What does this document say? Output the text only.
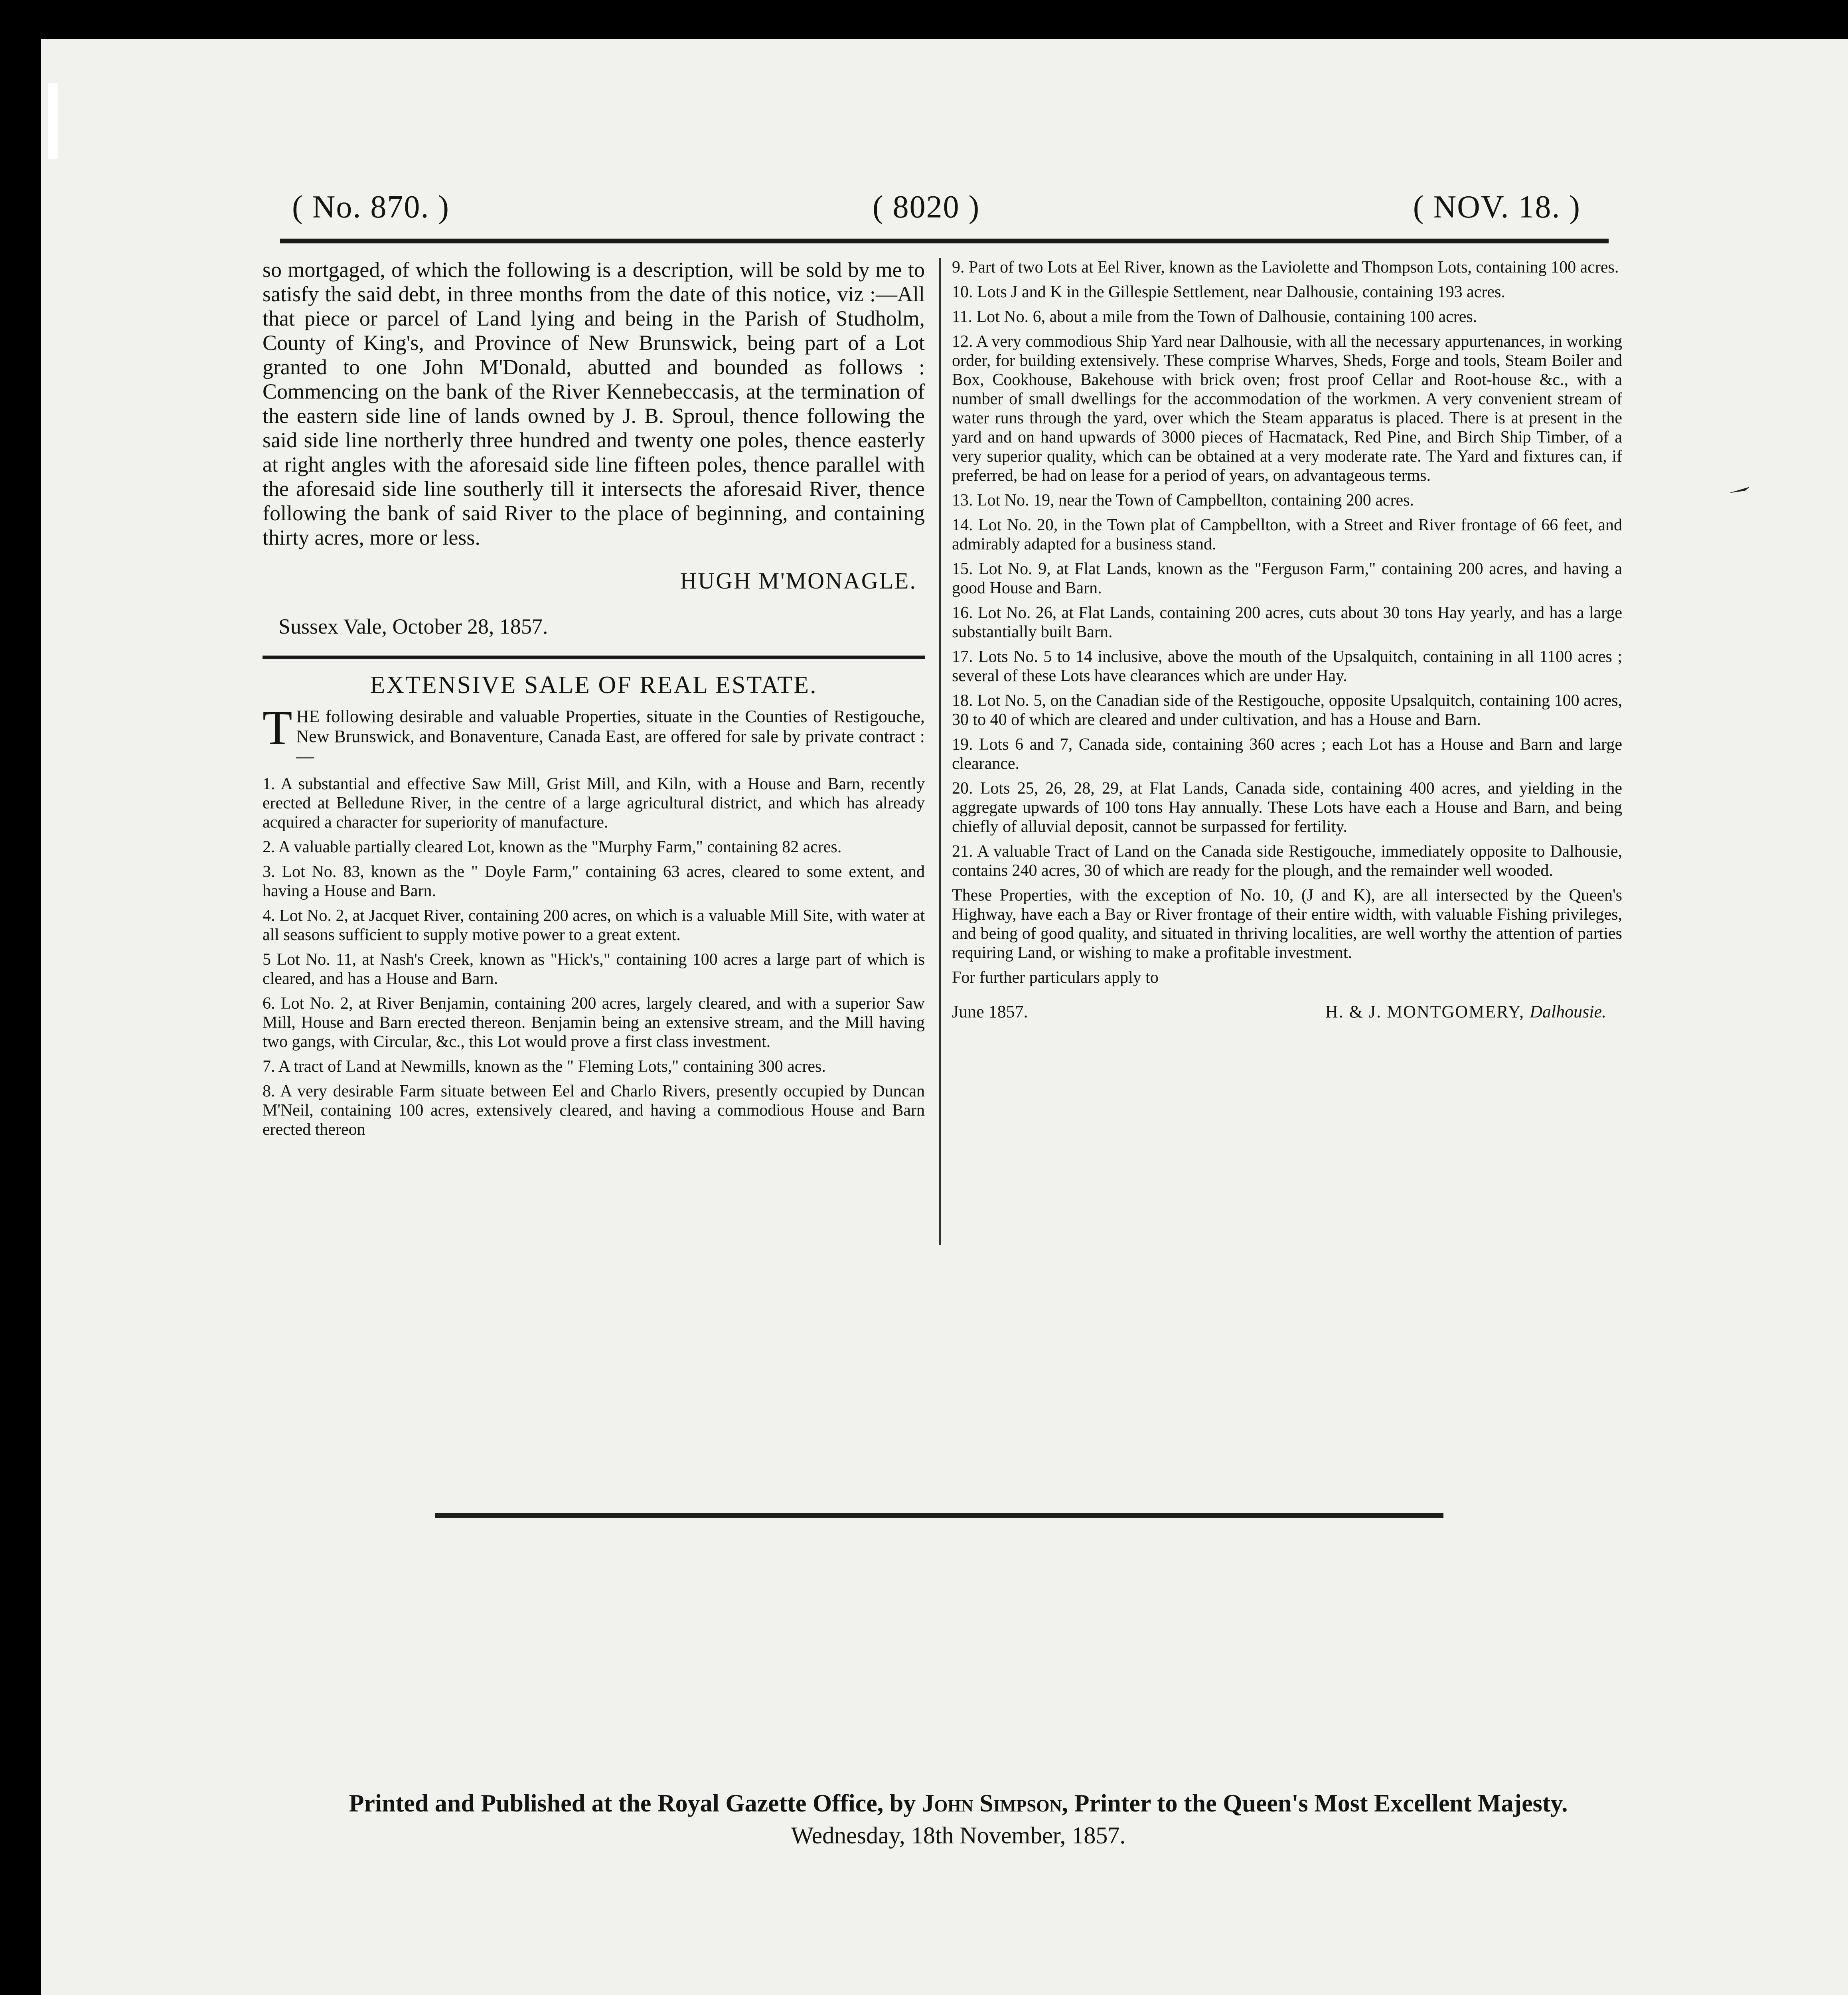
( No. 870. )	( 8020 )	( NOV. 18. )

so mortgaged, of which the following is a description, will be sold by me to satisfy the said debt, in three months from the date of this notice, viz :—All that piece or parcel of Land lying and being in the Parish of Studholm, County of King's, and Province of New Brunswick, being part of a Lot granted to one John M'Donald, abutted and bounded as follows : Commencing on the bank of the River Kennebeccasis, at the termination of the eastern side line of lands owned by J. B. Sproul, thence following the said side line northerly three hundred and twenty one poles, thence easterly at right angles with the aforesaid side line fifteen poles, thence parallel with the aforesaid side line southerly till it intersects the aforesaid River, thence following the bank of said River to the place of beginning, and containing thirty acres, more or less.

HUGH M'MONAGLE.
Sussex Vale, October 28, 1857.
EXTENSIVE SALE OF REAL ESTATE.

THE following desirable and valuable Properties, situate in the Counties of Restigouche, New Brunswick, and Bonaventure, Canada East, are offered for sale by private contract :—

1. A substantial and effective Saw Mill, Grist Mill, and Kiln, with a House and Barn, recently erected at Belledune River, in the centre of a large agricultural district, and which has already acquired a character for superiority of manufacture.

2. A valuable partially cleared Lot, known as the "Murphy Farm," containing 82 acres.

3. Lot No. 83, known as the " Doyle Farm," containing 63 acres, cleared to some extent, and having a House and Barn.

4. Lot No. 2, at Jacquet River, containing 200 acres, on which is a valuable Mill Site, with water at all seasons sufficient to supply motive power to a great extent.

5 Lot No. 11, at Nash's Creek, known as "Hick's," containing 100 acres a large part of which is cleared, and has a House and Barn.

6. Lot No. 2, at River Benjamin, containing 200 acres, largely cleared, and with a superior Saw Mill, House and Barn erected thereon. Benjamin being an extensive stream, and the Mill having two gangs, with Circular, &c., this Lot would prove a first class investment.

7. A tract of Land at Newmills, known as the " Fleming Lots," containing 300 acres.

8. A very desirable Farm situate between Eel and Charlo Rivers, presently occupied by Duncan M'Neil, containing 100 acres, extensively cleared, and having a commodious House and Barn erected thereon

9. Part of two Lots at Eel River, known as the Laviolette and Thompson Lots, containing 100 acres.

10. Lots J and K in the Gillespie Settlement, near Dalhousie, containing 193 acres.

11. Lot No. 6, about a mile from the Town of Dalhousie, containing 100 acres.

12. A very commodious Ship Yard near Dalhousie, with all the necessary appurtenances, in working order, for building extensively. These comprise Wharves, Sheds, Forge and tools, Steam Boiler and Box, Cookhouse, Bakehouse with brick oven; frost proof Cellar and Root-house &c., with a number of small dwellings for the accommodation of the workmen. A very convenient stream of water runs through the yard, over which the Steam apparatus is placed. There is at present in the yard and on hand upwards of 3000 pieces of Hacmatack, Red Pine, and Birch Ship Timber, of a very superior quality, which can be obtained at a very moderate rate. The Yard and fixtures can, if preferred, be had on lease for a period of years, on advantageous terms.

13. Lot No. 19, near the Town of Campbellton, containing 200 acres.

14. Lot No. 20, in the Town plat of Campbellton, with a Street and River frontage of 66 feet, and admirably adapted for a business stand.

15. Lot No. 9, at Flat Lands, known as the "Ferguson Farm," containing 200 acres, and having a good House and Barn.

16. Lot No. 26, at Flat Lands, containing 200 acres, cuts about 30 tons Hay yearly, and has a large substantially built Barn.

17. Lots No. 5 to 14 inclusive, above the mouth of the Upsalquitch, containing in all 1100 acres ; several of these Lots have clearances which are under Hay.

18. Lot No. 5, on the Canadian side of the Restigouche, opposite Upsalquitch, containing 100 acres, 30 to 40 of which are cleared and under cultivation, and has a House and Barn.

19. Lots 6 and 7, Canada side, containing 360 acres ; each Lot has a House and Barn and large clearance.

20. Lots 25, 26, 28, 29, at Flat Lands, Canada side, containing 400 acres, and yielding in the aggregate upwards of 100 tons Hay annually. These Lots have each a House and Barn, and being chiefly of alluvial deposit, cannot be surpassed for fertility.

21. A valuable Tract of Land on the Canada side Restigouche, immediately opposite to Dalhousie, contains 240 acres, 30 of which are ready for the plough, and the remainder well wooded.

These Properties, with the exception of No. 10, (J and K), are all intersected by the Queen's Highway, have each a Bay or River frontage of their entire width, with valuable Fishing privileges, and being of good quality, and situated in thriving localities, are well worthy the attention of parties requiring Land, or wishing to make a profitable investment.

For further particulars apply to

June 1857.	H. & J. MONTGOMERY, Dalhousie.
Printed and Published at the Royal Gazette Office, by John Simpson, Printer to the Queen's Most Excellent Majesty.
Wednesday, 18th November, 1857.
